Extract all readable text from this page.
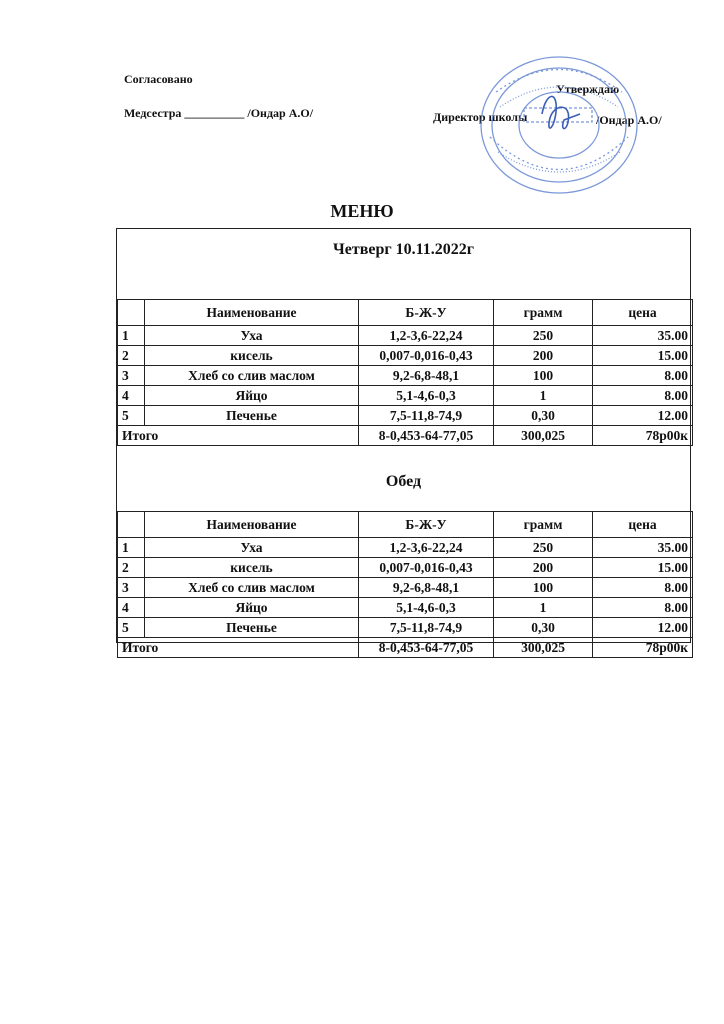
Согласовано
Медсестра __________ /Ондар А.О/
Утверждаю
Директор школы	/Ондар А.О/
МЕНЮ
Четверг 10.11.2022г
	Наименование	Б-Ж-У	грамм	цена
1	Уха	1,2-3,6-22,24	250	35.00
2	кисель	0,007-0,016-0,43	200	15.00
3	Хлеб со слив маслом	9,2-6,8-48,1	100	8.00
4	Яйцо	5,1-4,6-0,3	1	8.00
5	Печенье	7,5-11,8-74,9	0,30	12.00
Итого		8-0,453-64-77,05	300,025	78р00к
Обед
	Наименование	Б-Ж-У	грамм	цена
1	Уха	1,2-3,6-22,24	250	35.00
2	кисель	0,007-0,016-0,43	200	15.00
3	Хлеб со слив маслом	9,2-6,8-48,1	100	8.00
4	Яйцо	5,1-4,6-0,3	1	8.00
5	Печенье	7,5-11,8-74,9	0,30	12.00
Итого		8-0,453-64-77,05	300,025	78р00к
